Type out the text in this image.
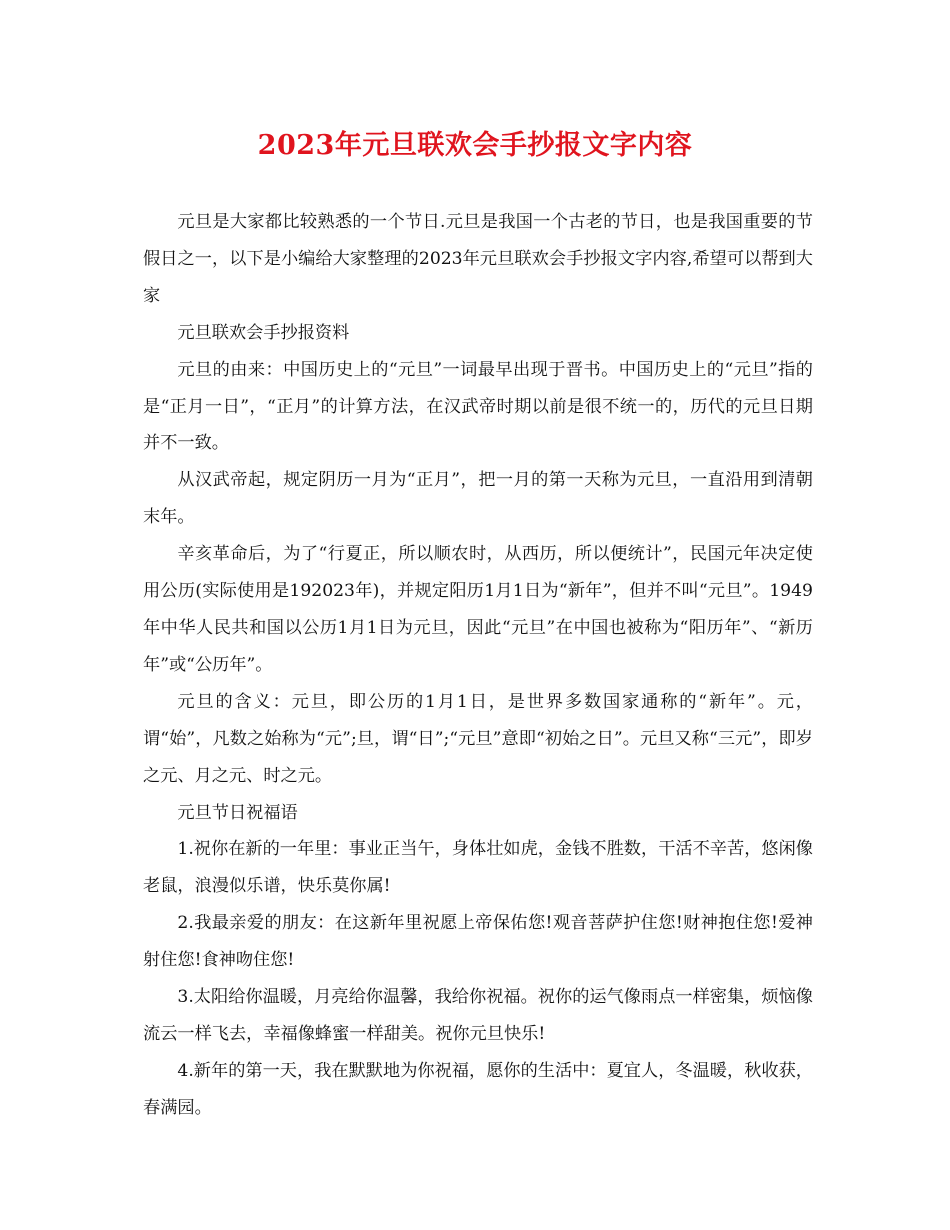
2023年元旦联欢会手抄报文字内容

元旦是大家都比较熟悉的一个节日.元旦是我国一个古老的节日，也是我国重要的节假日之一，以下是小编给大家整理的2023年元旦联欢会手抄报文字内容,希望可以帮到大家

元旦联欢会手抄报资料

元旦的由来：中国历史上的“元旦”一词最早出现于晋书。中国历史上的“元旦”指的是“正月一日”，“正月”的计算方法，在汉武帝时期以前是很不统一的，历代的元旦日期并不一致。

从汉武帝起，规定阴历一月为“正月”，把一月的第一天称为元旦，一直沿用到清朝末年。

辛亥革命后，为了“行夏正，所以顺农时，从西历，所以便统计”，民国元年决定使用公历(实际使用是192023年)，并规定阳历1月1日为“新年”，但并不叫“元旦”。1949年中华人民共和国以公历1月1日为元旦，因此“元旦”在中国也被称为“阳历年”、“新历年”或“公历年”。

元旦的含义：元旦，即公历的1月1日，是世界多数国家通称的“新年”。元，谓“始”，凡数之始称为“元”;旦，谓“日”;“元旦”意即“初始之日”。元旦又称“三元”，即岁之元、月之元、时之元。

元旦节日祝福语

1.祝你在新的一年里：事业正当午，身体壮如虎，金钱不胜数，干活不辛苦，悠闲像老鼠，浪漫似乐谱，快乐莫你属!

2.我最亲爱的朋友：在这新年里祝愿上帝保佑您!观音菩萨护住您!财神抱住您!爱神射住您!食神吻住您!

3.太阳给你温暖，月亮给你温馨，我给你祝福。祝你的运气像雨点一样密集，烦恼像流云一样飞去，幸福像蜂蜜一样甜美。祝你元旦快乐!

4.新年的第一天，我在默默地为你祝福，愿你的生活中：夏宜人，冬温暖，秋收获，春满园。
